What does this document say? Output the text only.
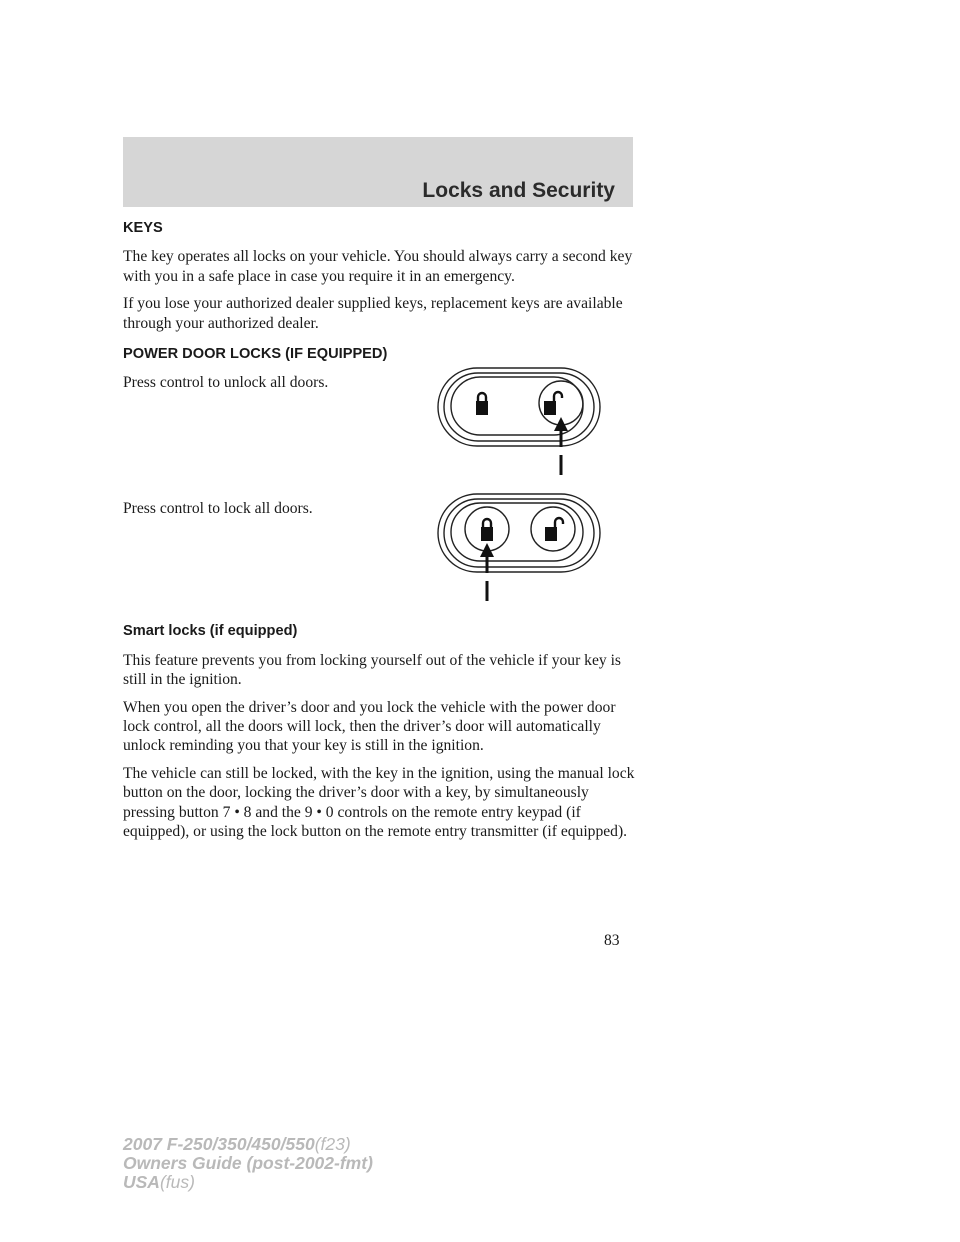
Locks and Security
KEYS

The key operates all locks on your vehicle. You should always carry a second key with you in a safe place in case you require it in an emergency.

If you lose your authorized dealer supplied keys, replacement keys are available through your authorized dealer.

POWER DOOR LOCKS (IF EQUIPPED)

Press control to unlock all doors.

Press control to lock all doors.

Smart locks (if equipped)

This feature prevents you from locking yourself out of the vehicle if your key is still in the ignition.

When you open the driver’s door and you lock the vehicle with the power door lock control, all the doors will lock, then the driver’s door will automatically unlock reminding you that your key is still in the ignition.

The vehicle can still be locked, with the key in the ignition, using the manual lock button on the door, locking the driver’s door with a key, by simultaneously pressing button 7 • 8 and the 9 • 0 controls on the remote entry keypad (if equipped), or using the lock button on the remote entry transmitter (if equipped).

83
2007 F-250/350/450/550(f23)
Owners Guide (post-2002-fmt)
USA(fus)
